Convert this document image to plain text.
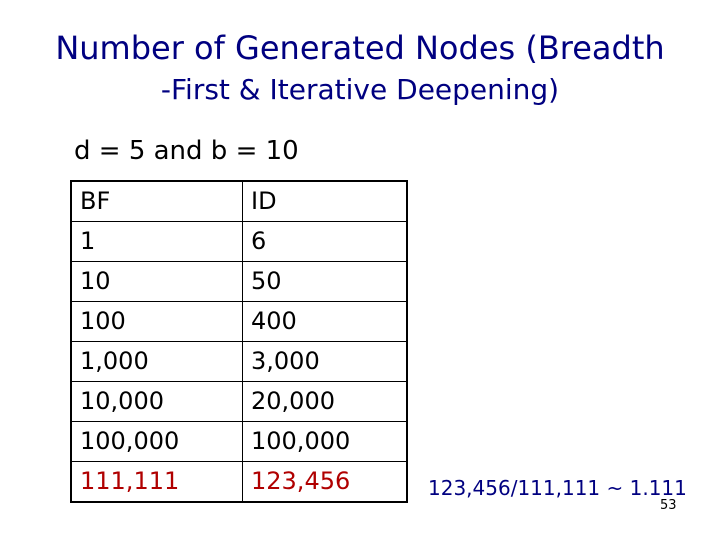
Number of Generated Nodes (Breadth
-First & Iterative Deepening)
d = 5 and b = 10
BF	ID
1	6
10	50
100	400
1,000	3,000
10,000	20,000
100,000	100,000
111,111	123,456	123,456/111,111 ~ 1.111
53
